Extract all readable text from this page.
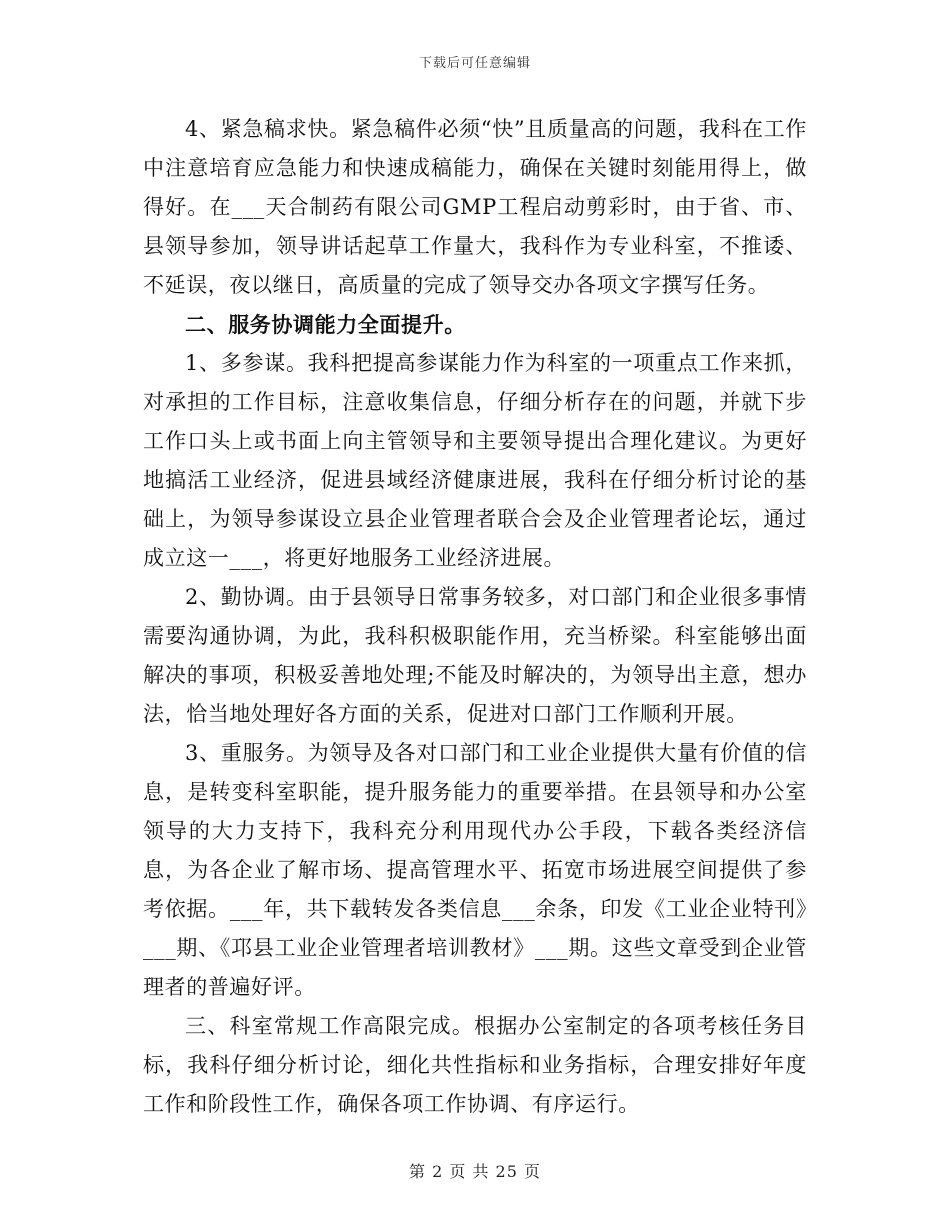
下载后可任意编辑

4、紧急稿求快。紧急稿件必须“快”且质量高的问题，我科在工作中注意培育应急能力和快速成稿能力，确保在关键时刻能用得上，做得好。在___天合制药有限公司GMP工程启动剪彩时，由于省、市、县领导参加，领导讲话起草工作量大，我科作为专业科室，不推诿、不延误，夜以继日，高质量的完成了领导交办各项文字撰写任务。

二、服务协调能力全面提升。

1、多参谋。我科把提高参谋能力作为科室的一项重点工作来抓，对承担的工作目标，注意收集信息，仔细分析存在的问题，并就下步工作口头上或书面上向主管领导和主要领导提出合理化建议。为更好地搞活工业经济，促进县域经济健康进展，我科在仔细分析讨论的基础上，为领导参谋设立县企业管理者联合会及企业管理者论坛，通过成立这一___，将更好地服务工业经济进展。

2、勤协调。由于县领导日常事务较多，对口部门和企业很多事情需要沟通协调，为此，我科积极职能作用，充当桥梁。科室能够出面解决的事项，积极妥善地处理;不能及时解决的，为领导出主意，想办法，恰当地处理好各方面的关系，促进对口部门工作顺利开展。

3、重服务。为领导及各对口部门和工业企业提供大量有价值的信息，是转变科室职能，提升服务能力的重要举措。在县领导和办公室领导的大力支持下，我科充分利用现代办公手段，下载各类经济信息，为各企业了解市场、提高管理水平、拓宽市场进展空间提供了参考依据。___年，共下载转发各类信息___余条，印发《工业企业特刊》___期、《邛县工业企业管理者培训教材》___期。这些文章受到企业管理者的普遍好评。

三、科室常规工作高限完成。根据办公室制定的各项考核任务目标，我科仔细分析讨论，细化共性指标和业务指标，合理安排好年度工作和阶段性工作，确保各项工作协调、有序运行。

第 2 页 共 25 页
